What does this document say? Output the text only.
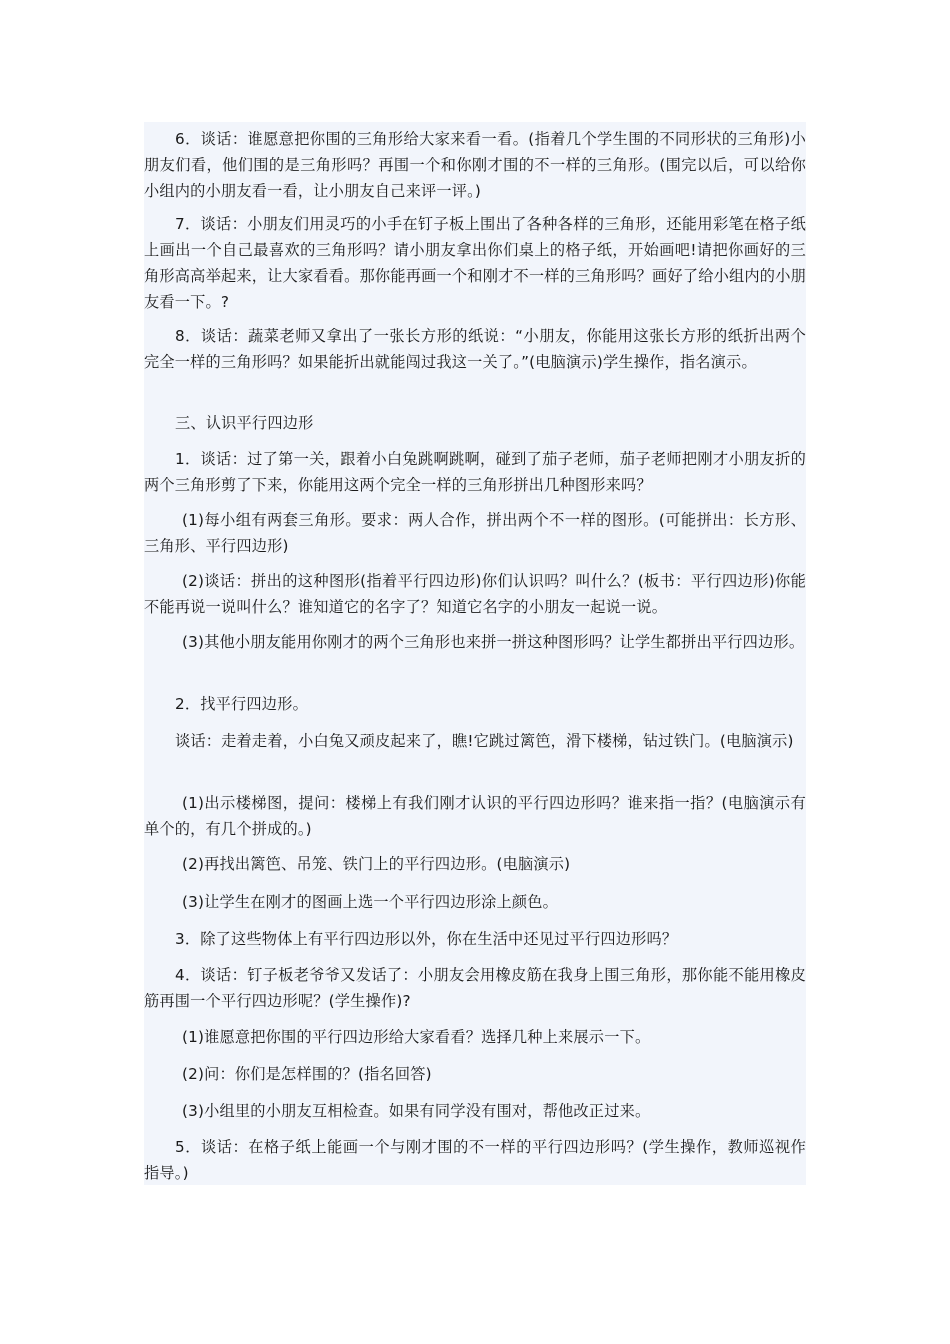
6．谈话：谁愿意把你围的三角形给大家来看一看。(指着几个学生围的不同形状的三角形)小朋友们看，他们围的是三角形吗？再围一个和你刚才围的不一样的三角形。(围完以后，可以给你小组内的小朋友看一看，让小朋友自己来评一评。)

7．谈话：小朋友们用灵巧的小手在钉子板上围出了各种各样的三角形，还能用彩笔在格子纸上画出一个自己最喜欢的三角形吗？请小朋友拿出你们桌上的格子纸，开始画吧!请把你画好的三角形高高举起来，让大家看看。那你能再画一个和刚才不一样的三角形吗？画好了给小组内的小朋友看一下。?

8．谈话：蔬菜老师又拿出了一张长方形的纸说：“小朋友，你能用这张长方形的纸折出两个完全一样的三角形吗？如果能折出就能闯过我这一关了。”(电脑演示)学生操作，指名演示。

三、认识平行四边形

1．谈话：过了第一关，跟着小白兔跳啊跳啊，碰到了茄子老师，茄子老师把刚才小朋友折的两个三角形剪了下来，你能用这两个完全一样的三角形拼出几种图形来吗？

(1)每小组有两套三角形。要求：两人合作，拼出两个不一样的图形。(可能拼出：长方形、三角形、平行四边形)

(2)谈话：拼出的这种图形(指着平行四边形)你们认识吗？叫什么？(板书：平行四边形)你能不能再说一说叫什么？谁知道它的名字了？知道它名字的小朋友一起说一说。

(3)其他小朋友能用你刚才的两个三角形也来拼一拼这种图形吗？让学生都拼出平行四边形。

2．找平行四边形。

谈话：走着走着，小白兔又顽皮起来了，瞧!它跳过篱笆，滑下楼梯，钻过铁门。(电脑演示)

(1)出示楼梯图，提问：楼梯上有我们刚才认识的平行四边形吗？谁来指一指？(电脑演示有单个的，有几个拼成的。)

(2)再找出篱笆、吊笼、铁门上的平行四边形。(电脑演示)

(3)让学生在刚才的图画上选一个平行四边形涂上颜色。

3．除了这些物体上有平行四边形以外，你在生活中还见过平行四边形吗？

4．谈话：钉子板老爷爷又发话了：小朋友会用橡皮筋在我身上围三角形，那你能不能用橡皮筋再围一个平行四边形呢？(学生操作)?

(1)谁愿意把你围的平行四边形给大家看看？选择几种上来展示一下。

(2)问：你们是怎样围的？(指名回答)

(3)小组里的小朋友互相检查。如果有同学没有围对，帮他改正过来。

5．谈话：在格子纸上能画一个与刚才围的不一样的平行四边形吗？(学生操作，教师巡视作指导。)
